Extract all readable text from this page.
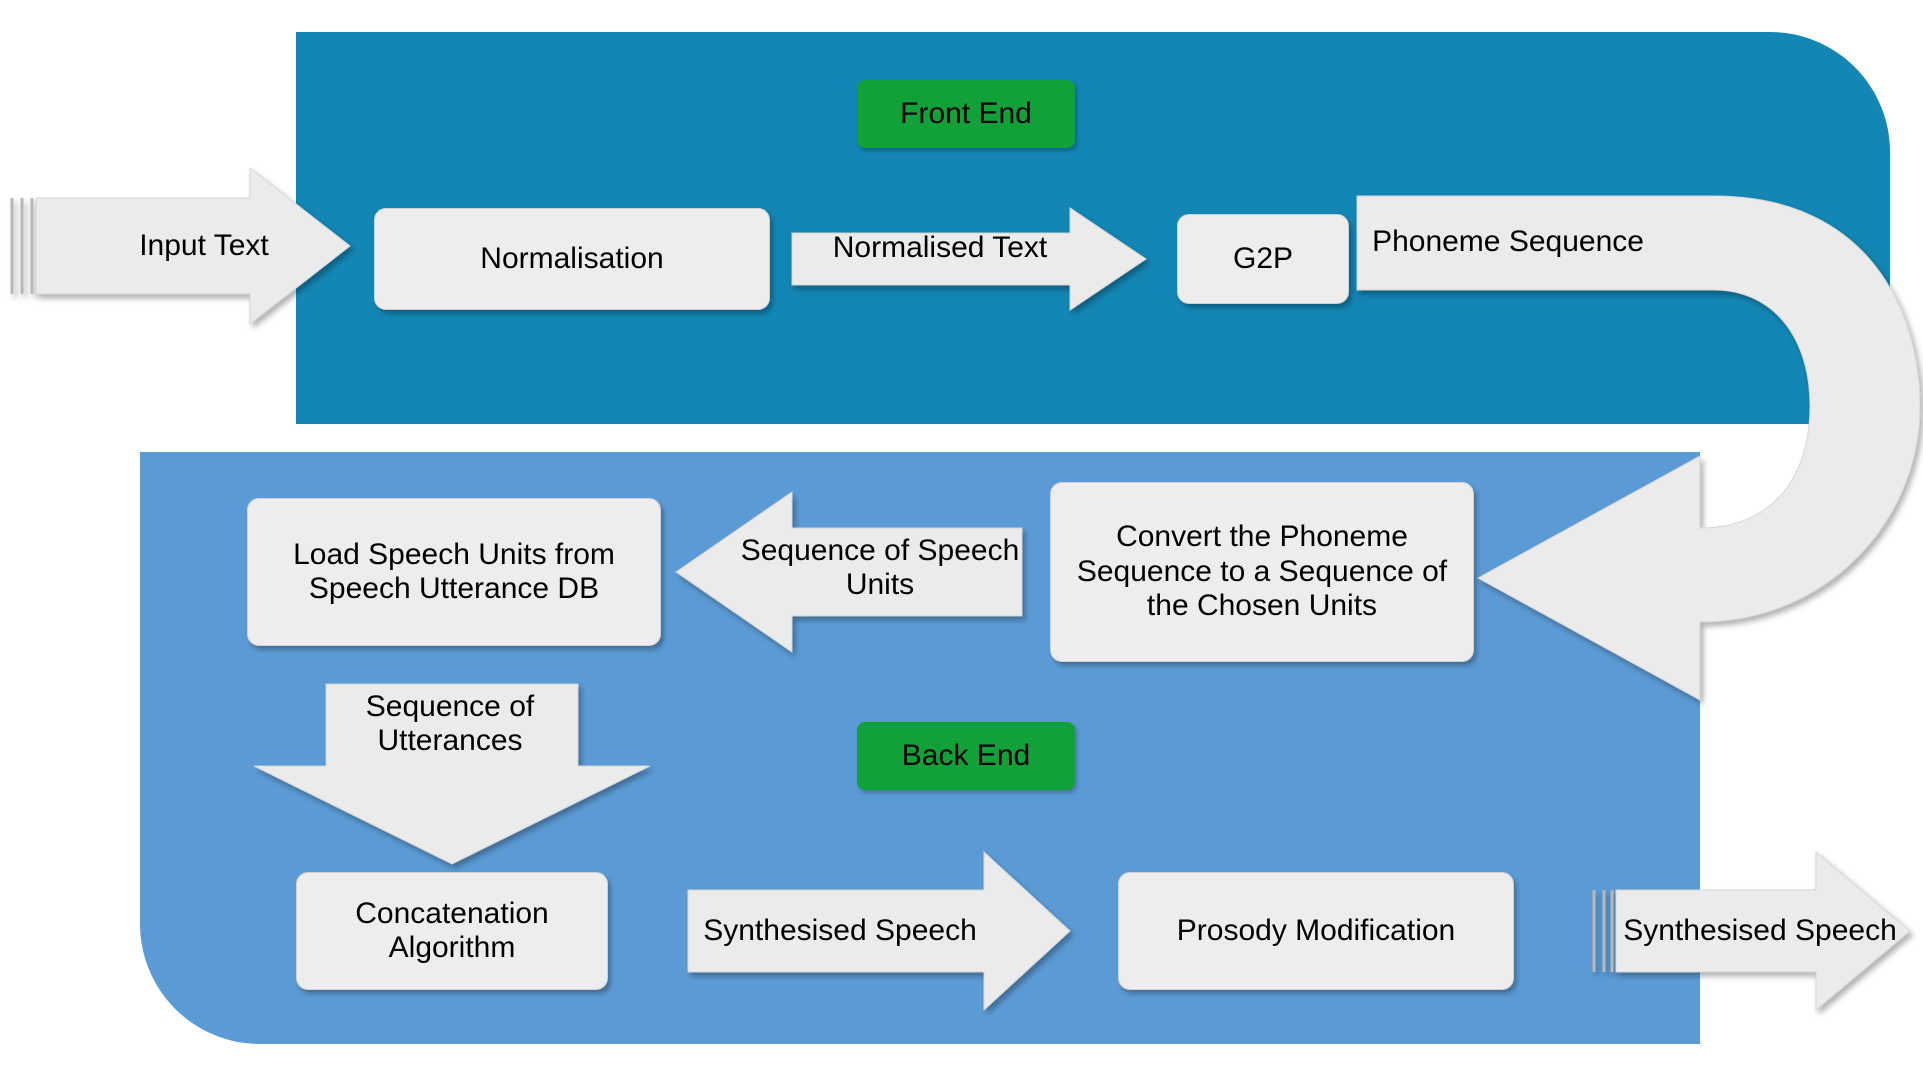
Front End
Back End
Normalisation	G2P
Load Speech Units from Speech Utterance DB
Convert the Phoneme Sequence to a Sequence of the Chosen Units
Concatenation Algorithm
Prosody Modification
Input Text	Normalised Text	Phoneme Sequence
Sequence of Speech Units
Sequence of Utterances
Synthesised Speech	Synthesised Speech
